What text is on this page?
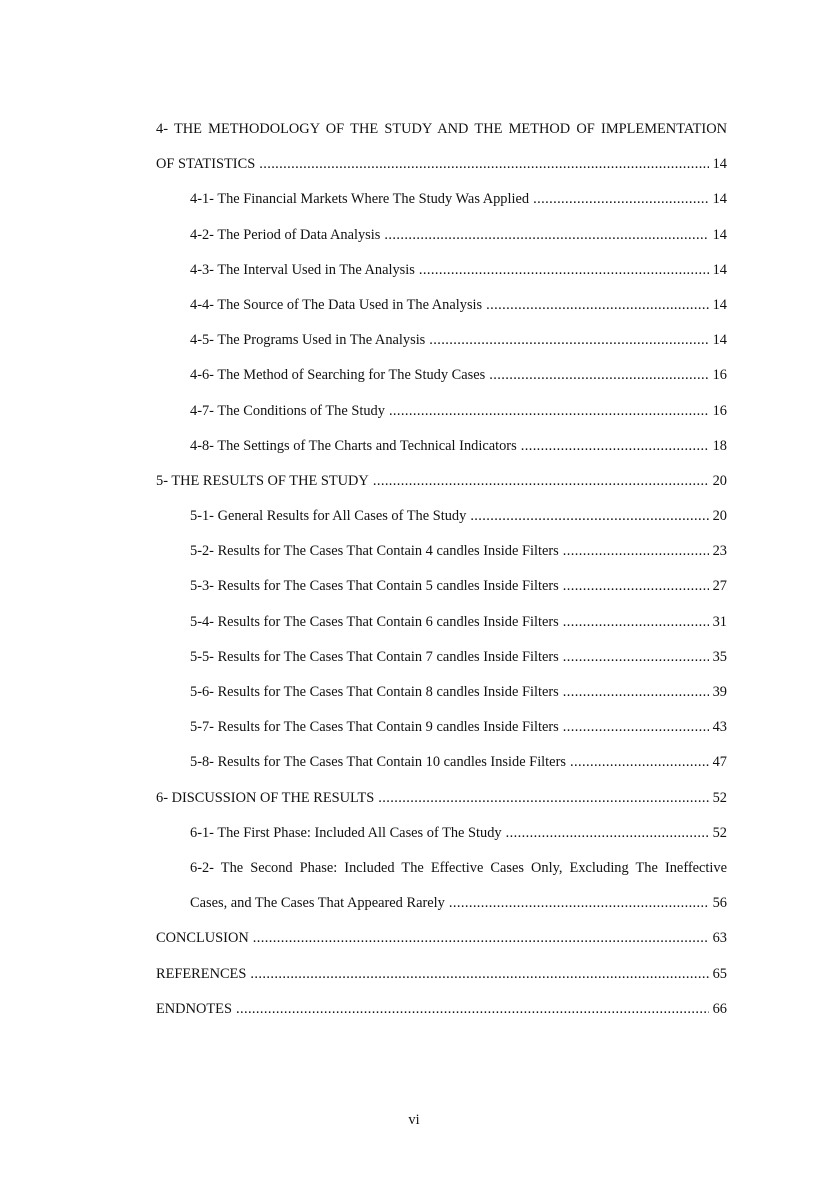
4- THE METHODOLOGY OF THE STUDY AND THE METHOD OF IMPLEMENTATION
OF STATISTICS . . .	14
4-1- The Financial Markets Where The Study Was Applied . . .	14
4-2- The Period of Data Analysis . . .	14
4-3- The Interval Used in The Analysis . . .	14
4-4- The Source of The Data Used in The Analysis . . .	14
4-5- The Programs Used in The Analysis . . .	14
4-6- The Method of Searching for The Study Cases . . .	16
4-7- The Conditions of The Study . . .	16
4-8- The Settings of The Charts and Technical Indicators . . .	18
5- THE RESULTS OF THE STUDY . . .	20
5-1- General Results for All Cases of The Study . . .	20
5-2- Results for The Cases That Contain 4 candles Inside Filters . . .	23
5-3- Results for The Cases That Contain 5 candles Inside Filters . . .	27
5-4- Results for The Cases That Contain 6 candles Inside Filters . . .	31
5-5- Results for The Cases That Contain 7 candles Inside Filters . . .	35
5-6- Results for The Cases That Contain 8 candles Inside Filters . . .	39
5-7- Results for The Cases That Contain 9 candles Inside Filters . . .	43
5-8- Results for The Cases That Contain 10 candles Inside Filters . . .	47
6- DISCUSSION OF THE RESULTS . . .	52
6-1- The First Phase: Included All Cases of The Study . . .	52
6-2- The Second Phase: Included The Effective Cases Only, Excluding The Ineffective
Cases, and The Cases That Appeared Rarely . . .	56
CONCLUSION . . .	63
REFERENCES . . .	65
ENDNOTES . . .	66
vi
